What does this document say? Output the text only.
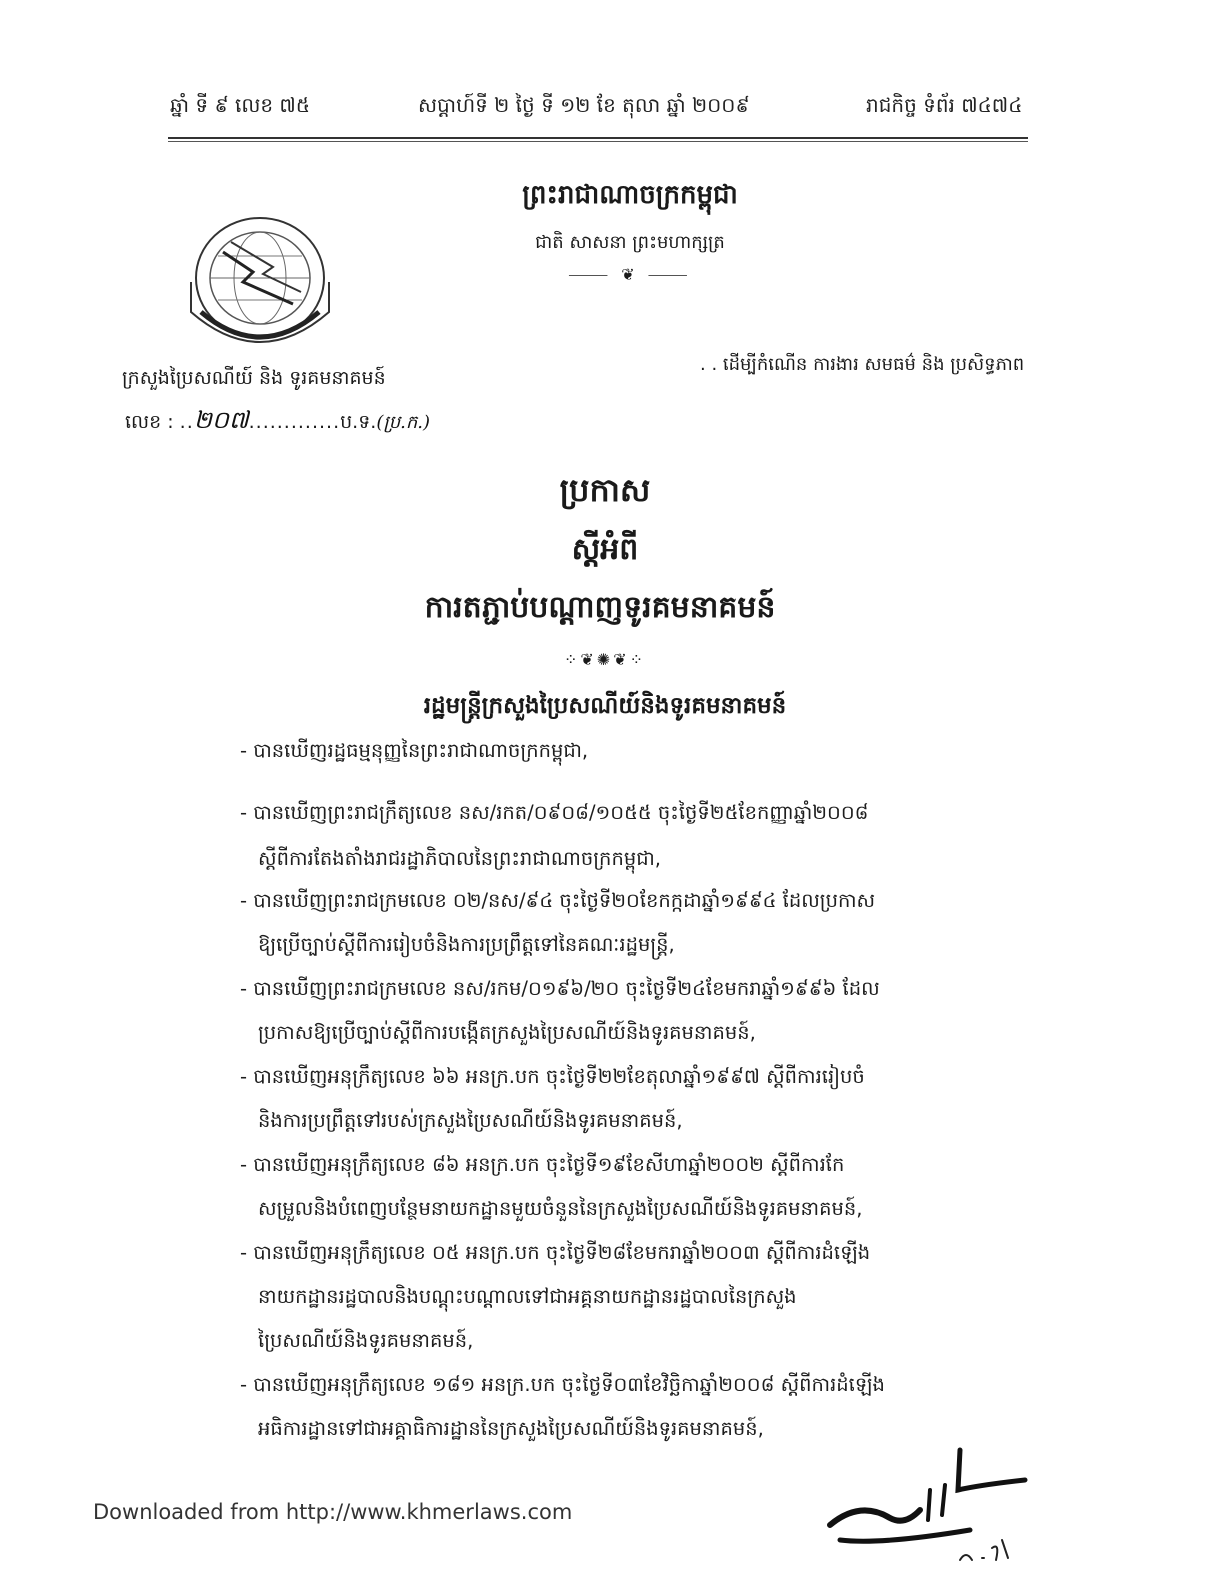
ឆ្នាំ ទី ៩ លេខ ៧៥	សប្តាហ៍ទី ២ ថ្ងៃ ទី ១២ ខែ តុលា ឆ្នាំ ២០០៩	រាជកិច្ច ទំព័រ ៧៤៧៤
ព្រះរាជាណាចក្រកម្ពុជា
ជាតិ សាសនា ព្រះមហាក្សត្រ
⸻ ❦ ⸻
ក្រសួងប្រៃសណីយ៍ និង ទូរគមនាគមន៍
លេខ : ..២០៧.............ប.ទ.(ប្រ.ក.)
. . ដើម្បីកំណើន ការងារ សមធម៌ និង ប្រសិទ្ធភាព
ប្រកាស
ស្តីអំពី
ការតភ្ជាប់បណ្តាញទូរគមនាគមន៍
⁘❦✺❦⁘
រដ្ឋមន្ត្រីក្រសួងប្រៃសណីយ៍និងទូរគមនាគមន៍
- បានឃើញរដ្ឋធម្មនុញ្ញនៃព្រះរាជាណាចក្រកម្ពុជា,
- បានឃើញព្រះរាជក្រឹត្យលេខ នស/រកត/០៩០៨/១០៥៥ ចុះថ្ងៃទី២៥ខែកញ្ញាឆ្នាំ២០០៨
ស្តីពីការតែងតាំងរាជរដ្ឋាភិបាលនៃព្រះរាជាណាចក្រកម្ពុជា,
- បានឃើញព្រះរាជក្រមលេខ ០២/នស/៩៤ ចុះថ្ងៃទី២០ខែកក្កដាឆ្នាំ១៩៩៤ ដែលប្រកាស
ឱ្យប្រើច្បាប់ស្តីពីការរៀបចំនិងការប្រព្រឹត្តទៅនៃគណៈរដ្ឋមន្ត្រី,
- បានឃើញព្រះរាជក្រមលេខ នស/រកម/០១៩៦/២០ ចុះថ្ងៃទី២៤ខែមករាឆ្នាំ១៩៩៦ ដែល
ប្រកាសឱ្យប្រើច្បាប់ស្តីពីការបង្កើតក្រសួងប្រៃសណីយ៍និងទូរគមនាគមន៍,
- បានឃើញអនុក្រឹត្យលេខ ៦៦ អនក្រ.បក ចុះថ្ងៃទី២២ខែតុលាឆ្នាំ១៩៩៧ ស្តីពីការរៀបចំ
និងការប្រព្រឹត្តទៅរបស់ក្រសួងប្រៃសណីយ៍និងទូរគមនាគមន៍,
- បានឃើញអនុក្រឹត្យលេខ ៨៦ អនក្រ.បក ចុះថ្ងៃទី១៩ខែសីហាឆ្នាំ២០០២ ស្តីពីការកែ
សម្រួលនិងបំពេញបន្ថែមនាយកដ្ឋានមួយចំនួននៃក្រសួងប្រៃសណីយ៍និងទូរគមនាគមន៍,
- បានឃើញអនុក្រឹត្យលេខ ០៥ អនក្រ.បក ចុះថ្ងៃទី២៨ខែមករាឆ្នាំ២០០៣ ស្តីពីការដំឡើង
នាយកដ្ឋានរដ្ឋបាលនិងបណ្តុះបណ្តាលទៅជាអគ្គនាយកដ្ឋានរដ្ឋបាលនៃក្រសួង
ប្រៃសណីយ៍និងទូរគមនាគមន៍,
- បានឃើញអនុក្រឹត្យលេខ ១៨១ អនក្រ.បក ចុះថ្ងៃទី០៣ខែវិច្ឆិកាឆ្នាំ២០០៨ ស្តីពីការដំឡើង
អធិការដ្ឋានទៅជាអគ្គាធិការដ្ឋាននៃក្រសួងប្រៃសណីយ៍និងទូរគមនាគមន៍,
Downloaded from http://www.khmerlaws.com
